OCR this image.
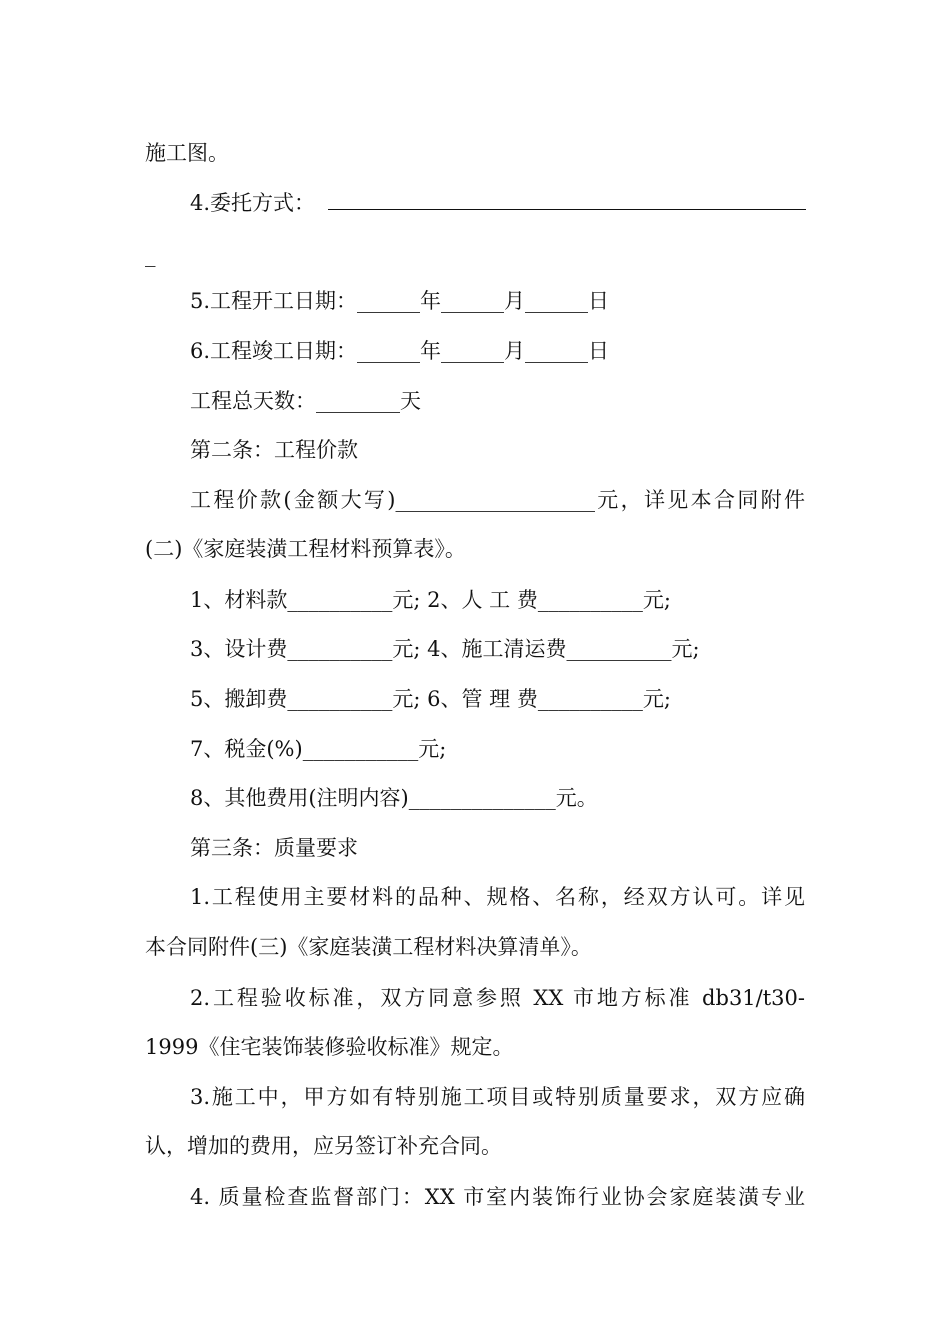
施工图。
4.委托方式：
_
5.工程开工日期：______年______月______日
6.工程竣工日期：______年______月______日
工程总天数：________天
第二条：工程价款
工程价款(金额大写)___________________元，详见本合同附件
(二)《家庭装潢工程材料预算表》。
1、材料款__________元; 2、人 工 费__________元;
3、设计费__________元; 4、施工清运费__________元;
5、搬卸费__________元; 6、管 理 费__________元;
7、税金(%)___________元;
8、其他费用(注明内容)______________元。
第三条：质量要求
1.工程使用主要材料的品种、规格、名称，经双方认可。详见
本合同附件(三)《家庭装潢工程材料决算清单》。
2.工程验收标准，双方同意参照 XX 市地方标准 db31/t30-
1999《住宅装饰装修验收标准》规定。
3.施工中，甲方如有特别施工项目或特别质量要求，双方应确
认，增加的费用，应另签订补充合同。
4. 质量检查监督部门：XX 市室内装饰行业协会家庭装潢专业
